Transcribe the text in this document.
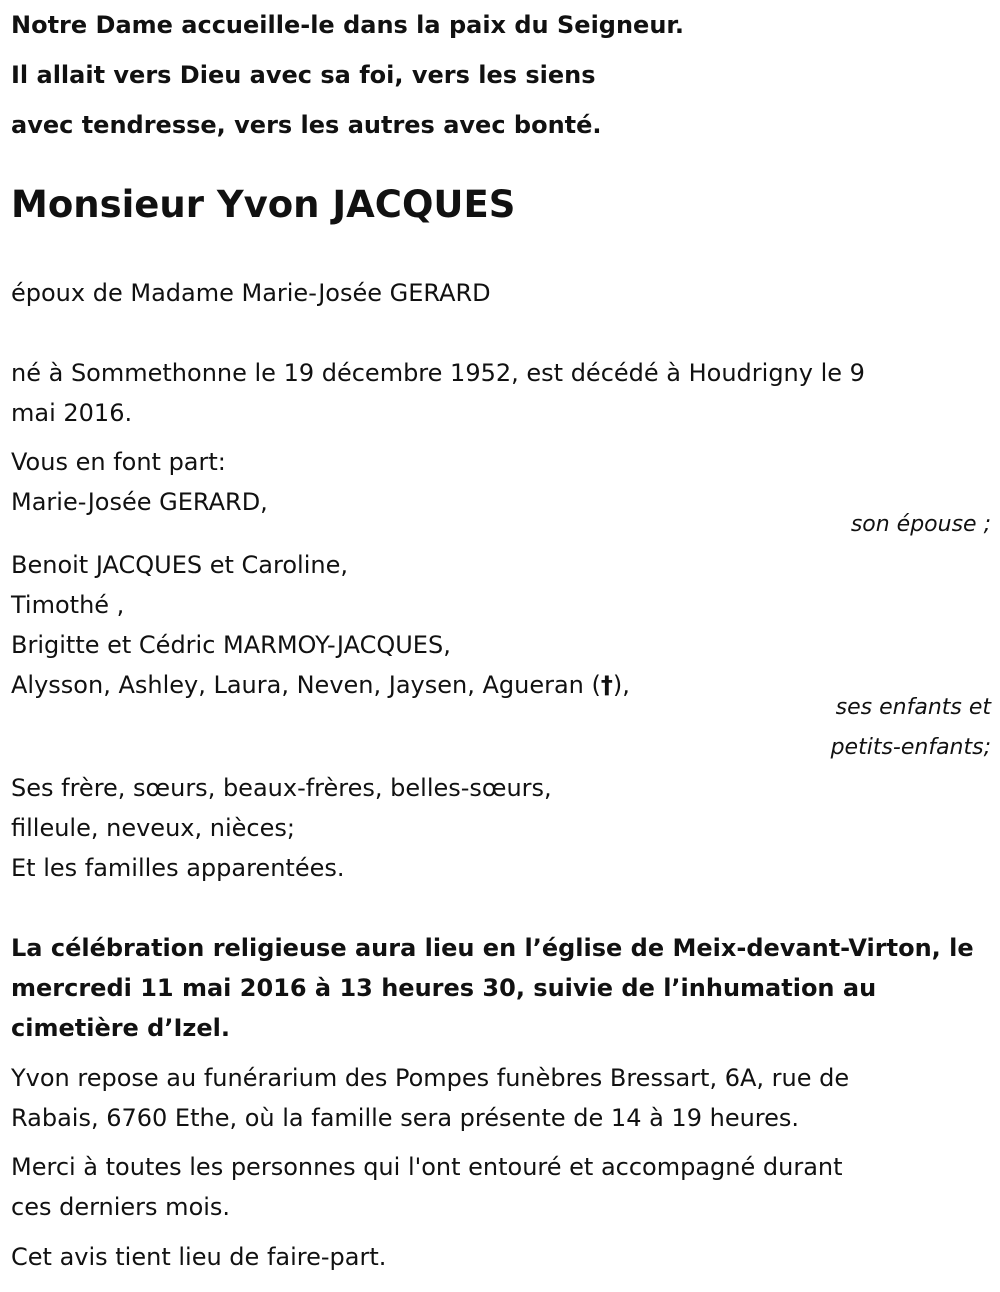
Notre Dame accueille-le dans la paix du Seigneur.
Il allait vers Dieu avec sa foi, vers les siens
avec tendresse, vers les autres avec bonté.
Monsieur Yvon JACQUES
époux de Madame Marie-Josée GERARD
né à Sommethonne le 19 décembre 1952, est décédé à Houdrigny le 9
mai 2016.
Vous en font part:
Marie-Josée GERARD,
son épouse ;
Benoit JACQUES et Caroline,
Timothé ,
Brigitte et Cédric MARMOY-JACQUES,
Alysson, Ashley, Laura, Neven, Jaysen, Agueran (†),
ses enfants et
petits-enfants;
Ses frère, sœurs, beaux-frères, belles-sœurs,
filleule, neveux, nièces;
Et les familles apparentées.
La célébration religieuse aura lieu en l’église de Meix-devant-Virton, le
mercredi 11 mai 2016 à 13 heures 30, suivie de l’inhumation au
cimetière d’Izel.
Yvon repose au funérarium des Pompes funèbres Bressart, 6A, rue de
Rabais, 6760 Ethe, où la famille sera présente de 14 à 19 heures.
Merci à toutes les personnes qui l'ont entouré et accompagné durant
ces derniers mois.
Cet avis tient lieu de faire-part.
